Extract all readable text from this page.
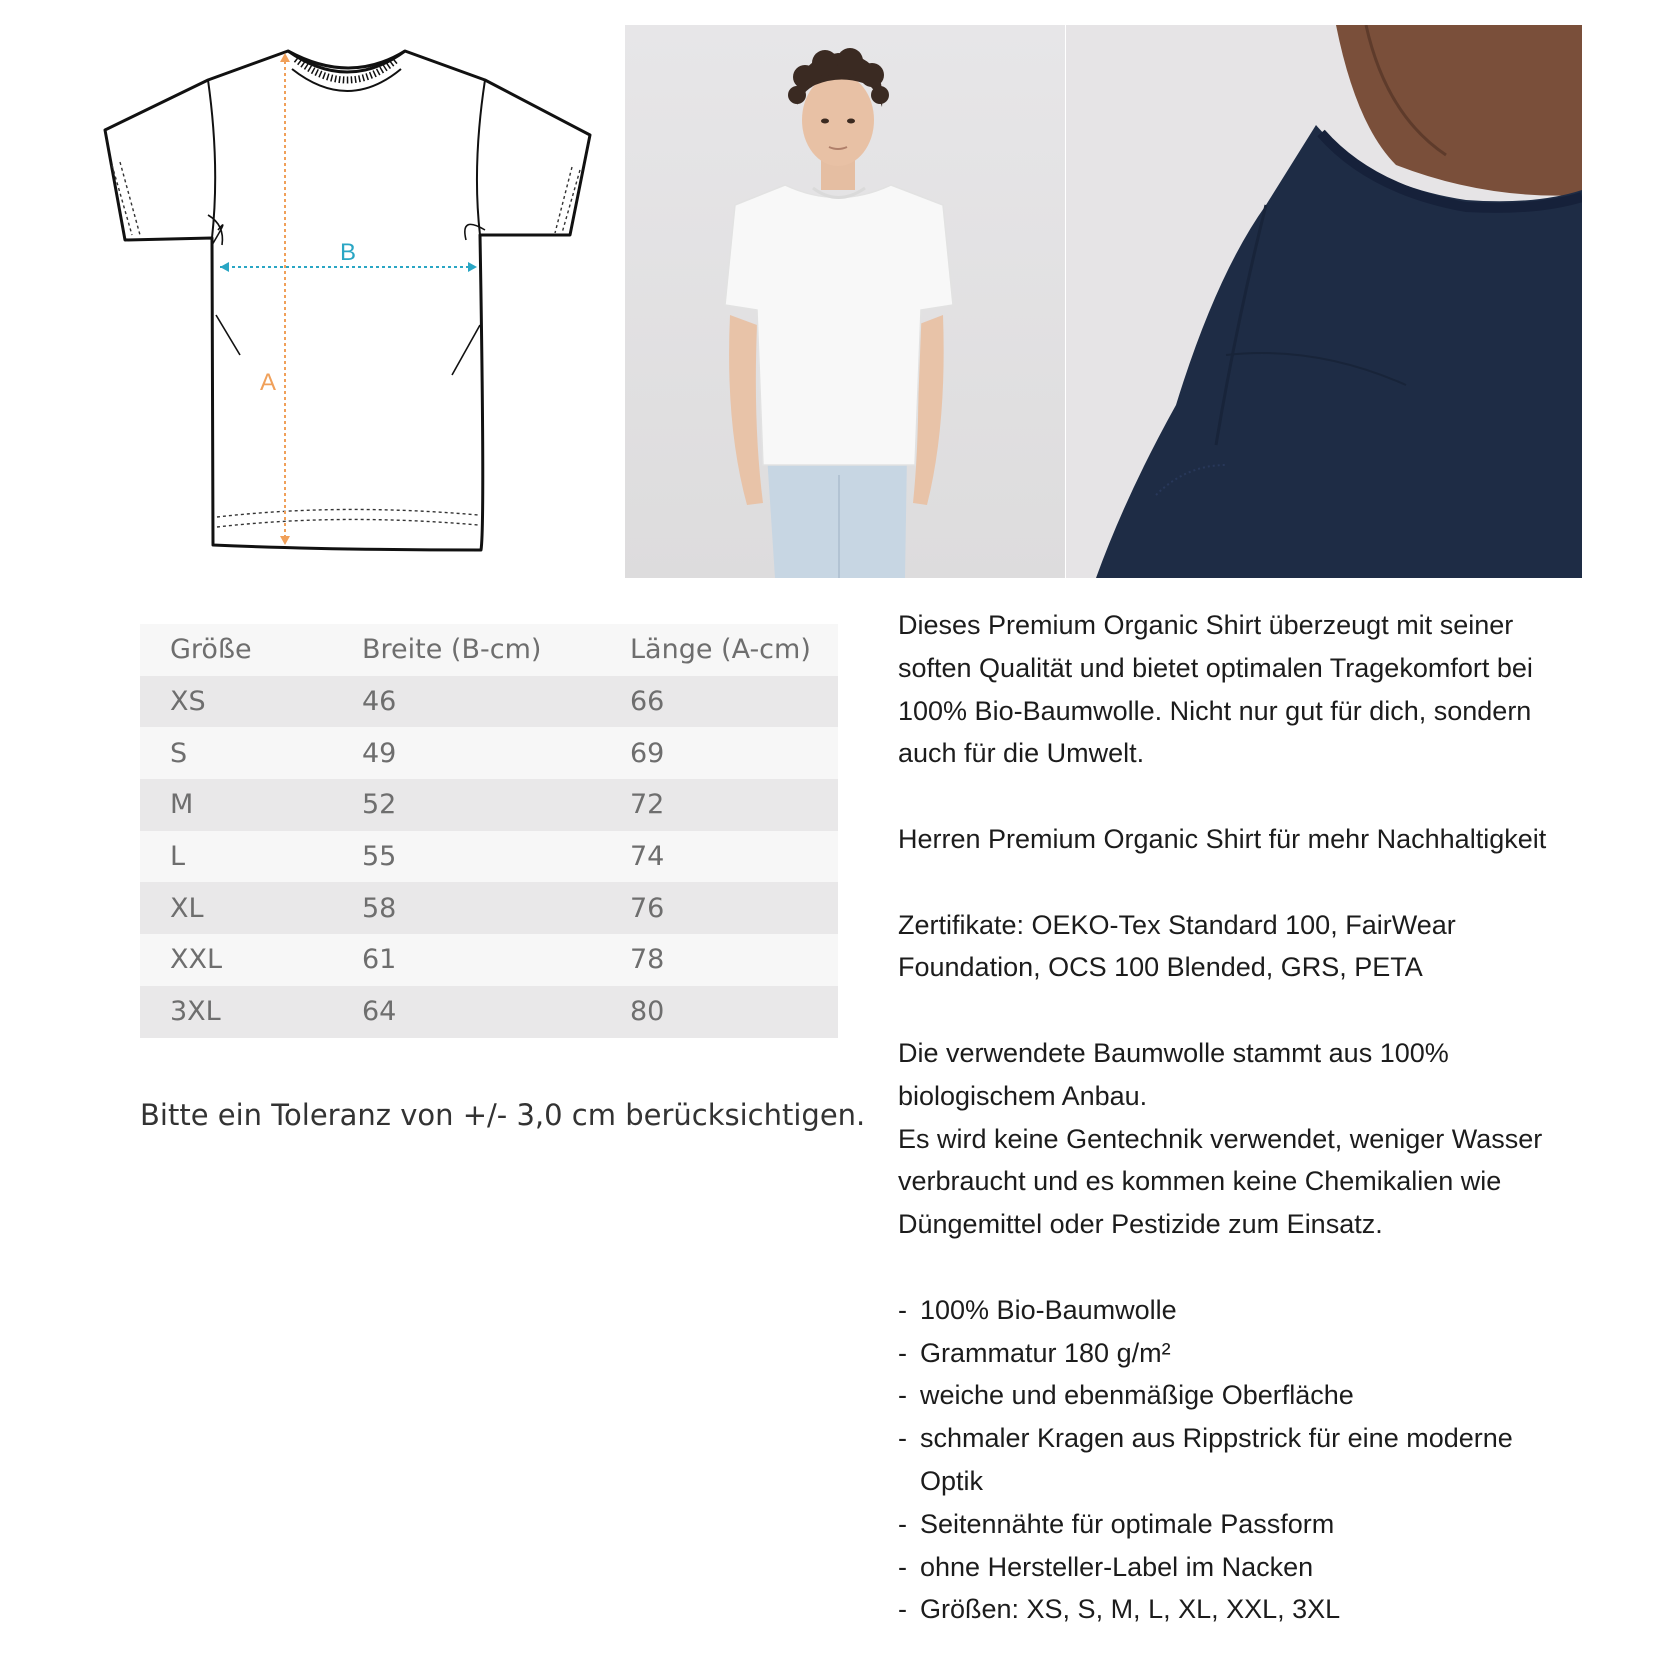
B
A
Größe	Breite (B-cm)	Länge (A-cm)
XS	46	66
S	49	69
M	52	72
L	55	74
XL	58	76
XXL	61	78
3XL	64	80
Bitte ein Toleranz von +/- 3,0 cm berücksichtigen.

Dieses Premium Organic Shirt überzeugt mit seiner soften Qualität und bietet optimalen Tragekomfort bei 100% Bio-Baumwolle. Nicht nur gut für dich, sondern auch für die Umwelt.

Herren Premium Organic Shirt für mehr Nachhaltigkeit

Zertifikate: OEKO-Tex Standard 100, FairWear Foundation, OCS 100 Blended, GRS, PETA

Die verwendete Baumwolle stammt aus 100% biologischem Anbau.

Es wird keine Gentechnik verwendet, weniger Wasser verbraucht und es kommen keine Chemikalien wie Düngemittel oder Pestizide zum Einsatz.

- 100% Bio-Baumwolle
- Grammatur 180 g/m²
- weiche und ebenmäßige Oberfläche
- schmaler Kragen aus Rippstrick für eine moderne Optik
- Seitennähte für optimale Passform
- ohne Hersteller-Label im Nacken
- Größen: XS, S, M, L, XL, XXL, 3XL
